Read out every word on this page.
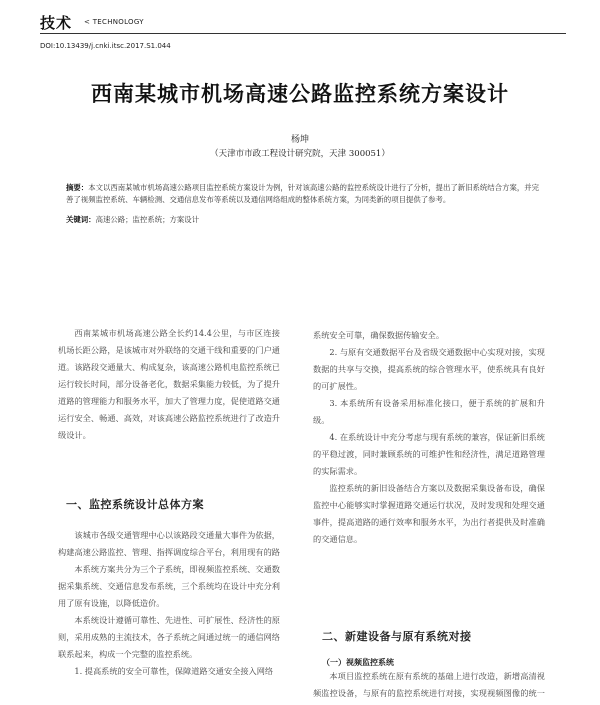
技术 < TECHNOLOGY
DOI:10.13439/j.cnki.itsc.2017.S1.044
西南某城市机场高速公路监控系统方案设计
杨坤
（天津市市政工程设计研究院，天津 300051）
摘要：本文以西南某城市机场高速公路项目监控系统方案设计为例，针对该高速公路的监控系统设计进行了分析，提出了新旧系统结合方案，并完善了视频监控系统、车辆检测、交通信息发布等系统以及通信网络组成的整体系统方案，为同类新的项目提供了参考。
关键词：高速公路；监控系统；方案设计

西南某城市机场高速公路全长约14.4公里，与市区连接机场长距公路，是该城市对外联络的交通干线和重要的门户通道。该路段交通量大、构成复杂，该高速公路机电监控系统已运行较长时间，部分设备老化，数据采集能力较低，为了提升道路的管理能力和服务水平，加大了管理力度，促使道路交通运行安全、畅通、高效，对该高速公路监控系统进行了改造升级设计。

一、监控系统设计总体方案

该城市各级交通管理中心以该路段交通量大事件为依据，构建高速公路监控、管理、指挥调度综合平台，利用现有的路

本系统方案共分为三个子系统，即视频监控系统、交通数据采集系统、交通信息发布系统，三个系统均在设计中充分利用了原有设施，以降低造价。

本系统设计遵循可靠性、先进性、可扩展性、经济性的原则，采用成熟的主流技术，各子系统之间通过统一的通信网络联系起来，构成一个完整的监控系统。

1. 提高系统的安全可靠性，保障道路交通安全接入网络

系统安全可靠，确保数据传输安全。

2. 与原有交通数据平台及省级交通数据中心实现对接，实现数据的共享与交换，提高系统的综合管理水平，使系统具有良好的可扩展性。

3. 本系统所有设备采用标准化接口，便于系统的扩展和升级。

4. 在系统设计中充分考虑与现有系统的兼容，保证新旧系统的平稳过渡，同时兼顾系统的可维护性和经济性，满足道路管理的实际需求。

监控系统的新旧设备结合方案以及数据采集设备布设，确保监控中心能够实时掌握道路交通运行状况，及时发现和处理交通事件，提高道路的通行效率和服务水平，为出行者提供及时准确的交通信息。

二、新建设备与原有系统对接
（一）视频监控系统

本项目监控系统在原有系统的基础上进行改造，新增高清视频监控设备，与原有的监控系统进行对接，实现视频图像的统一
